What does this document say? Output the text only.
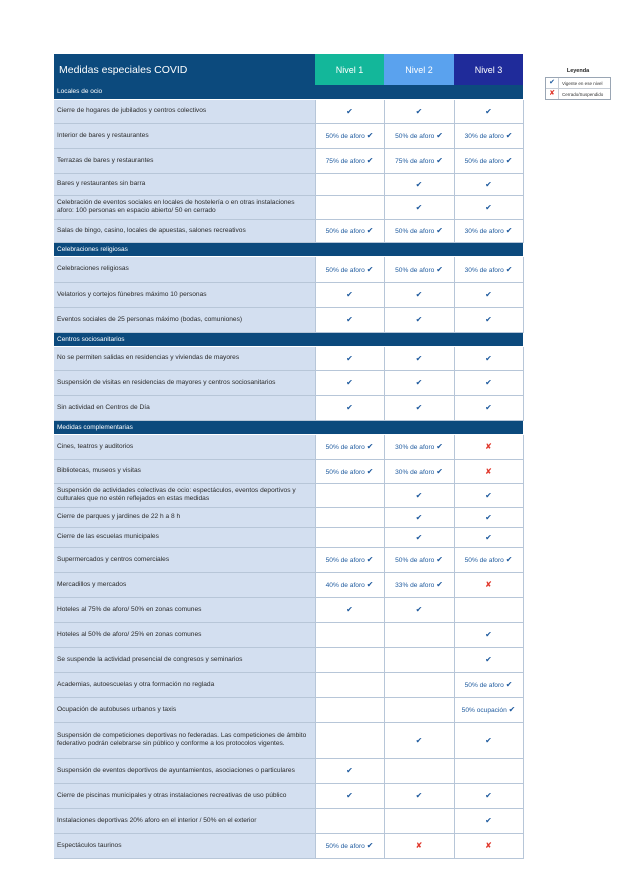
Medidas especiales COVID	Nivel 1	Nivel 2	Nivel 3
Locales de ocio			
Cierre de hogares de jubilados y centros colectivos	✔	✔	✔
Interior de bares y restaurantes	50% de aforo ✔	50% de aforo ✔	30% de aforo ✔
Terrazas de bares y restaurantes	75% de aforo ✔	75% de aforo ✔	50% de aforo ✔
Bares y restaurantes sin barra		✔	✔
Celebración de eventos sociales en locales de hostelería o en otras instalaciones aforo: 100 personas en espacio abierto/ 50 en cerrado		✔	✔
Salas de bingo, casino, locales de apuestas, salones recreativos	50% de aforo ✔	50% de aforo ✔	30% de aforo ✔
Celebraciones religiosas			
Celebraciones religiosas	50% de aforo ✔	50% de aforo ✔	30% de aforo ✔
Velatorios y cortejos fúnebres máximo 10 personas	✔	✔	✔
Eventos sociales de 25 personas máximo (bodas, comuniones)	✔	✔	✔
Centros sociosanitarios			
No se permiten salidas en residencias y viviendas de mayores	✔	✔	✔
Suspensión de visitas en residencias de mayores y centros sociosanitarios	✔	✔	✔
Sin actividad en Centros de Día	✔	✔	✔
Medidas complementarias			
Cines, teatros y auditorios	50% de aforo ✔	30% de aforo ✔	✘
Bibliotecas, museos y visitas	50% de aforo ✔	30% de aforo ✔	✘
Suspensión de actividades colectivas de ocio: espectáculos, eventos deportivos y culturales que no estén reflejados en estas medidas		✔	✔
Cierre de parques y jardines de 22 h a 8 h		✔	✔
Cierre de las escuelas municipales		✔	✔
Supermercados y centros comerciales	50% de aforo ✔	50% de aforo ✔	50% de aforo ✔
Mercadillos y mercados	40% de aforo ✔	33% de aforo ✔	✘
Hoteles al 75% de aforo/ 50% en zonas comunes	✔	✔	
Hoteles al 50% de aforo/ 25% en zonas comunes			✔
Se suspende la actividad presencial de congresos y seminarios			✔
Academias, autoescuelas y otra formación no reglada			50% de aforo ✔
Ocupación de autobuses urbanos y taxis			50% ocupación ✔
Suspensión de competiciones deportivas no federadas. Las competiciones de ámbito federativo podrán celebrarse sin público y conforme a los protocolos vigentes.		✔	✔
Suspensión de eventos deportivos de ayuntamientos, asociaciones o particulares	✔		
Cierre de piscinas municipales y otras instalaciones recreativas de uso público	✔	✔	✔
Instalaciones deportivas 20% aforo en el interior / 50% en el exterior			✔
Espectáculos taurinos	50% de aforo ✔	✘	✘
Leyenda
✔	Vigente en ese nivel
✘	Cerrado/Suspendido
